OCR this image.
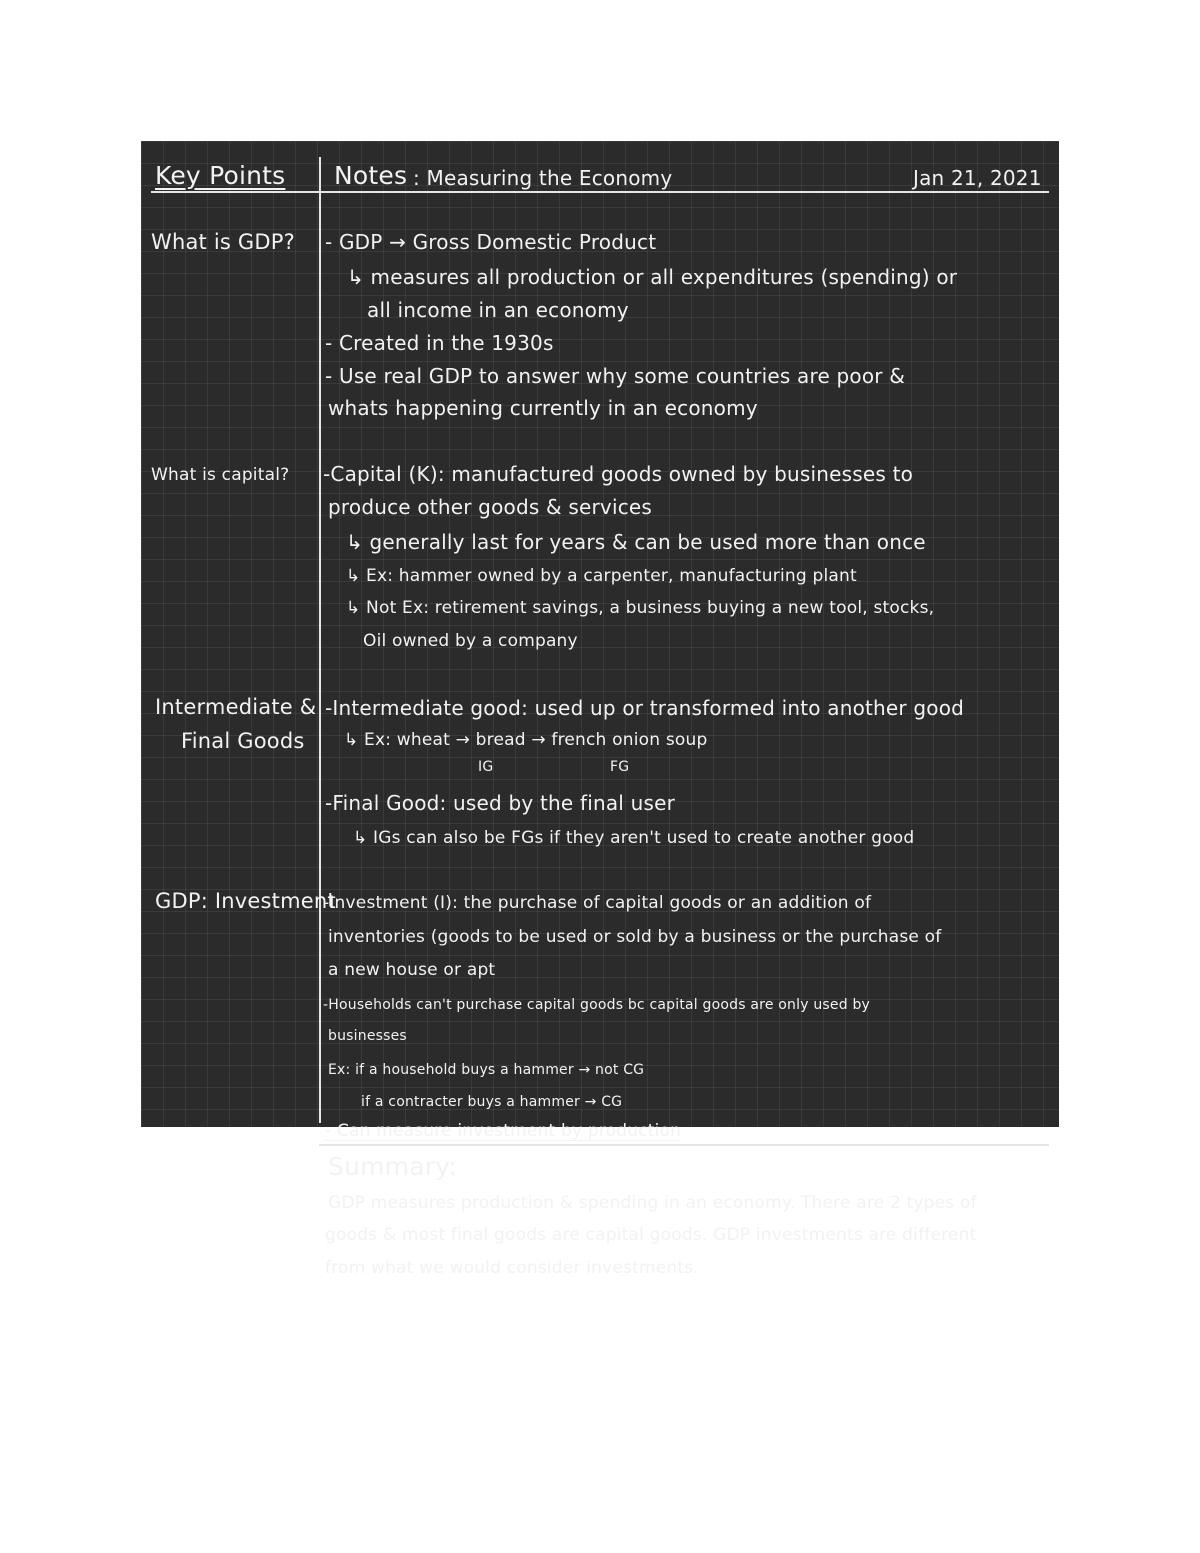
Key Points Notes : Measuring the Economy	Jan 21, 2021
What is GDP? - GDP → Gross Domestic Product
↳ measures all production or all expenditures (spending) or
all income in an economy
- Created in the 1930s
- Use real GDP to answer why some countries are poor &
whats happening currently in an economy
What is capital? -Capital (K): manufactured goods owned by businesses to
produce other goods & services
↳ generally last for years & can be used more than once
↳ Ex: hammer owned by a carpenter, manufacturing plant
↳ Not Ex: retirement savings, a business buying a new tool, stocks,
Oil owned by a company
Intermediate &
Final Goods
-Intermediate good: used up or transformed into another good
↳ Ex: wheat → bread → french onion soup
IG	FG
-Final Good: used by the final user
↳ IGs can also be FGs if they aren't used to create another good
GDP: Investment
-Investment (I): the purchase of capital goods or an addition of
inventories (goods to be used or sold by a business or the purchase of
a new house or apt
-Households can't purchase capital goods bc capital goods are only used by
businesses
Ex: if a household buys a hammer → not CG
if a contracter buys a hammer → CG
- Can measure investment by production
Summary:
GDP measures production & spending in an economy. There are 2 types of
goods & most final goods are capital goods. GDP investments are different
from what we would consider investments.
